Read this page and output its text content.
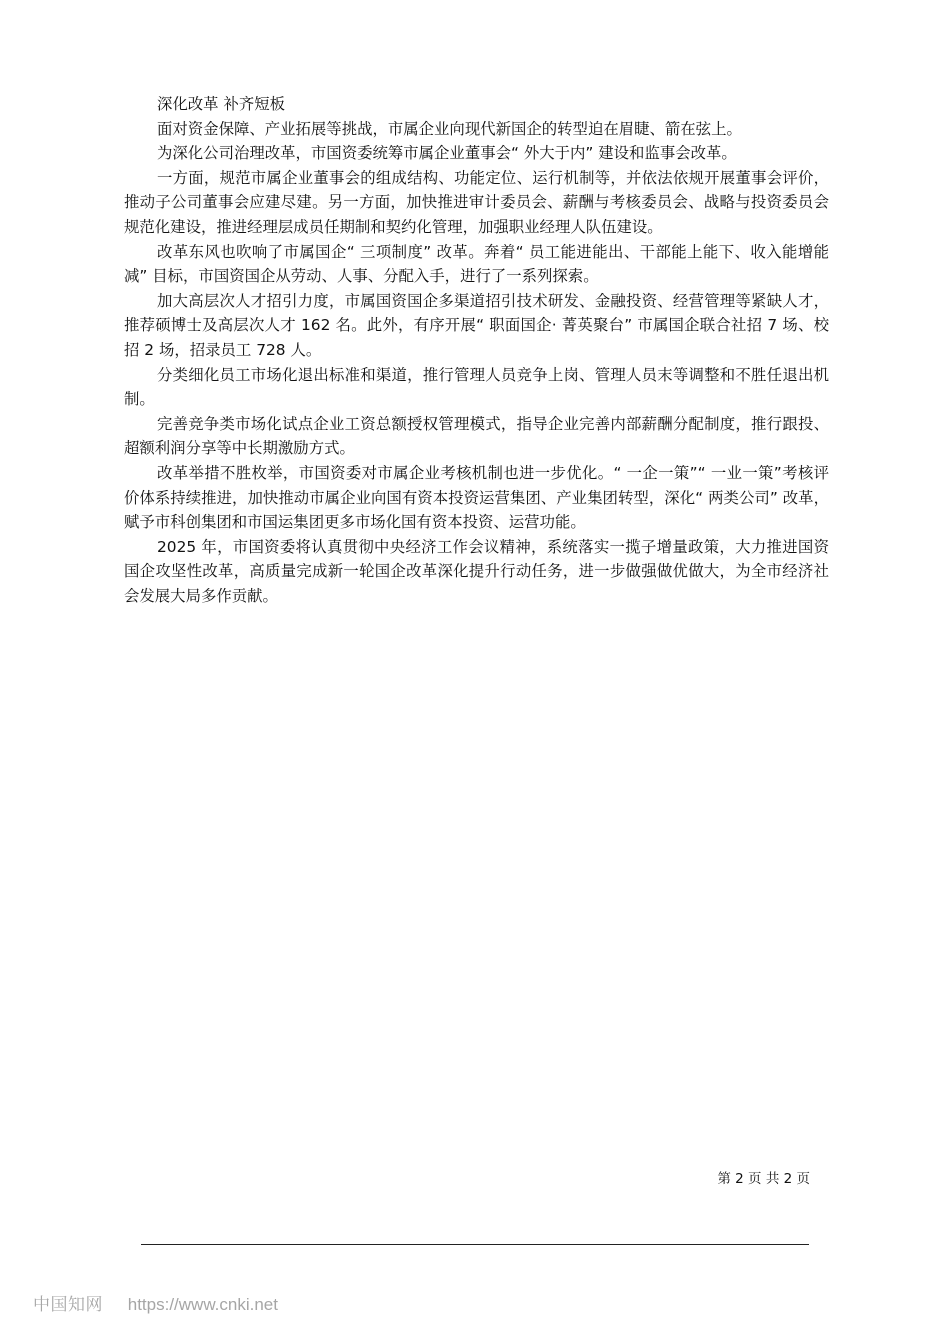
深化改革 补齐短板

面对资金保障、产业拓展等挑战，市属企业向现代新国企的转型迫在眉睫、箭在弦上。

为深化公司治理改革，市国资委统筹市属企业董事会“ 外大于内” 建设和监事会改革。

一方面，规范市属企业董事会的组成结构、功能定位、运行机制等，并依法依规开展董事会评价，推动子公司董事会应建尽建。另一方面，加快推进审计委员会、薪酬与考核委员会、战略与投资委员会规范化建设，推进经理层成员任期制和契约化管理，加强职业经理人队伍建设。

改革东风也吹响了市属国企“ 三项制度” 改革。奔着“ 员工能进能出、干部能上能下、收入能增能减” 目标，市国资国企从劳动、人事、分配入手，进行了一系列探索。

加大高层次人才招引力度，市属国资国企多渠道招引技术研发、金融投资、经营管理等紧缺人才，推荐硕博士及高层次人才 162 名。此外，有序开展“ 职面国企· 菁英聚台” 市属国企联合社招 7 场、校招 2 场，招录员工 728 人。

分类细化员工市场化退出标准和渠道，推行管理人员竞争上岗、管理人员末等调整和不胜任退出机制。

完善竞争类市场化试点企业工资总额授权管理模式，指导企业完善内部薪酬分配制度，推行跟投、超额利润分享等中长期激励方式。

改革举措不胜枚举，市国资委对市属企业考核机制也进一步优化。“ 一企一策”“ 一业一策”考核评价体系持续推进，加快推动市属企业向国有资本投资运营集团、产业集团转型，深化“ 两类公司” 改革，赋予市科创集团和市国运集团更多市场化国有资本投资、运营功能。

2025 年，市国资委将认真贯彻中央经济工作会议精神，系统落实一揽子增量政策，大力推进国资国企攻坚性改革，高质量完成新一轮国企改革深化提升行动任务，进一步做强做优做大，为全市经济社会发展大局多作贡献。

第 2 页 共 2 页
中国知网 https://www.cnki.net
